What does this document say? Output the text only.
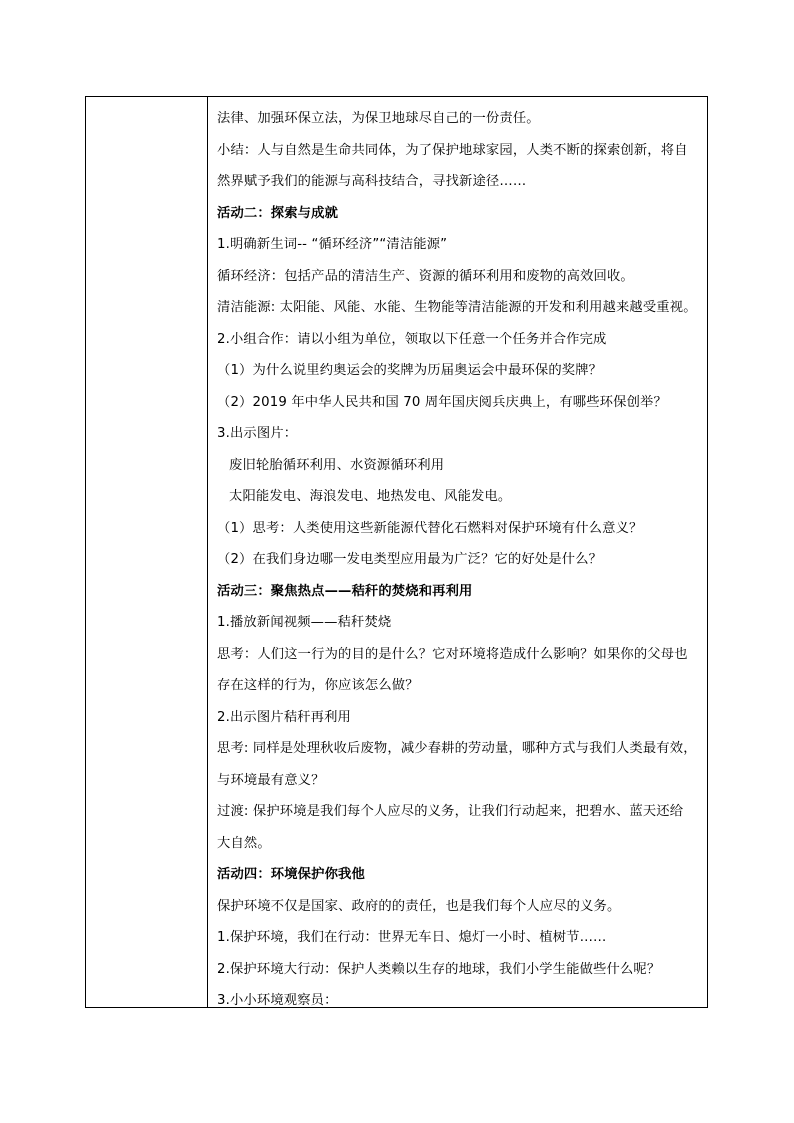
法律、加强环保立法，为保卫地球尽自己的一份责任。
小结：人与自然是生命共同体，为了保护地球家园，人类不断的探索创新，将自
然界赋予我们的能源与高科技结合，寻找新途径……
活动二：探索与成就
1.明确新生词-- “循环经济”“清洁能源”
循环经济：包括产品的清洁生产、资源的循环利用和废物的高效回收。
清洁能源: 太阳能、风能、水能、生物能等清洁能源的开发和利用越来越受重视。
2.小组合作：请以小组为单位，领取以下任意一个任务并合作完成
（1）为什么说里约奥运会的奖牌为历届奥运会中最环保的奖牌？
（2）2019 年中华人民共和国 70 周年国庆阅兵庆典上，有哪些环保创举？
3.出示图片：
废旧轮胎循环利用、水资源循环利用
太阳能发电、海浪发电、地热发电、风能发电。
（1）思考：人类使用这些新能源代替化石燃料对保护环境有什么意义？
（2）在我们身边哪一发电类型应用最为广泛？它的好处是什么？
活动三：聚焦热点——秸秆的焚烧和再利用
1.播放新闻视频——秸秆焚烧
思考：人们这一行为的目的是什么？它对环境将造成什么影响？如果你的父母也
存在这样的行为，你应该怎么做？
2.出示图片秸秆再利用
思考: 同样是处理秋收后废物，减少春耕的劳动量，哪种方式与我们人类最有效，
与环境最有意义？
过渡: 保护环境是我们每个人应尽的义务，让我们行动起来，把碧水、蓝天还给
大自然。
活动四：环境保护你我他
保护环境不仅是国家、政府的的责任，也是我们每个人应尽的义务。
1.保护环境，我们在行动：世界无车日、熄灯一小时、植树节……
2.保护环境大行动：保护人类赖以生存的地球，我们小学生能做些什么呢？
3.小小环境观察员：
